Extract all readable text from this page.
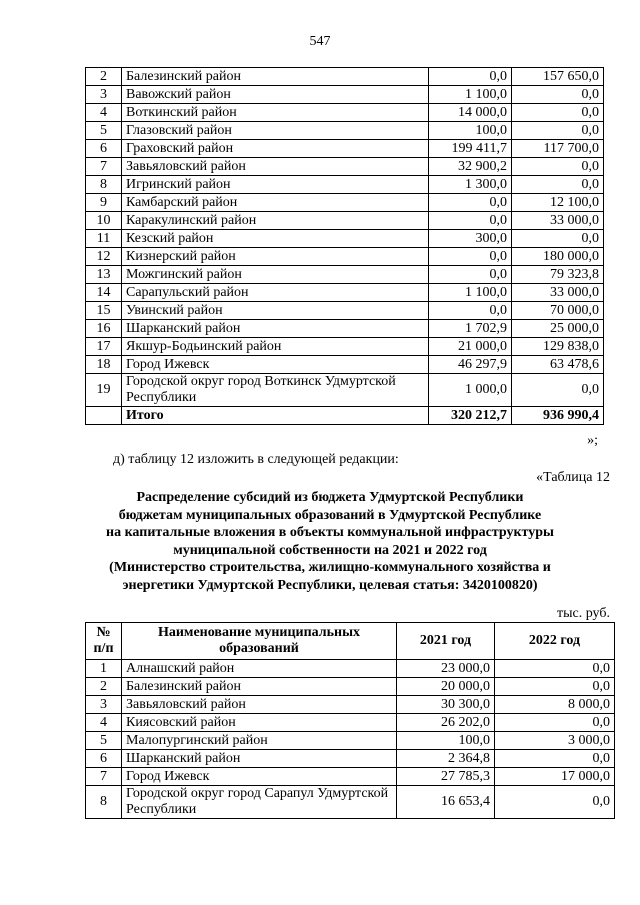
547
2	Балезинский район	0,0	157 650,0
3	Вавожский район	1 100,0	0,0
4	Воткинский район	14 000,0	0,0
5	Глазовский район	100,0	0,0
6	Граховский район	199 411,7	117 700,0
7	Завьяловский район	32 900,2	0,0
8	Игринский район	1 300,0	0,0
9	Камбарский район	0,0	12 100,0
10	Каракулинский район	0,0	33 000,0
11	Кезский район	300,0	0,0
12	Кизнерский район	0,0	180 000,0
13	Можгинский район	0,0	79 323,8
14	Сарапульский район	1 100,0	33 000,0
15	Увинский район	0,0	70 000,0
16	Шарканский район	1 702,9	25 000,0
17	Якшур-Бодьинский район	21 000,0	129 838,0
18	Город Ижевск	46 297,9	63 478,6
19	Городской округ город Воткинск Удмуртской Республики	1 000,0	0,0
	Итого	320 212,7	936 990,4
»;
д) таблицу 12 изложить в следующей редакции:
«Таблица 12
Распределение субсидий из бюджета Удмуртской Республики
бюджетам муниципальных образований в Удмуртской Республике
на капитальные вложения в объекты коммунальной инфраструктуры
муниципальной собственности на 2021 и 2022 год
(Министерство строительства, жилищно-коммунального хозяйства и
энергетики Удмуртской Республики, целевая статья: 3420100820)
тыс. руб.
№ п/п	Наименование муниципальных образований	2021 год	2022 год
1	Алнашский район	23 000,0	0,0
2	Балезинский район	20 000,0	0,0
3	Завьяловский район	30 300,0	8 000,0
4	Киясовский район	26 202,0	0,0
5	Малопургинский район	100,0	3 000,0
6	Шарканский район	2 364,8	0,0
7	Город Ижевск	27 785,3	17 000,0
8	Городской округ город Сарапул Удмуртской Республики	16 653,4	0,0
